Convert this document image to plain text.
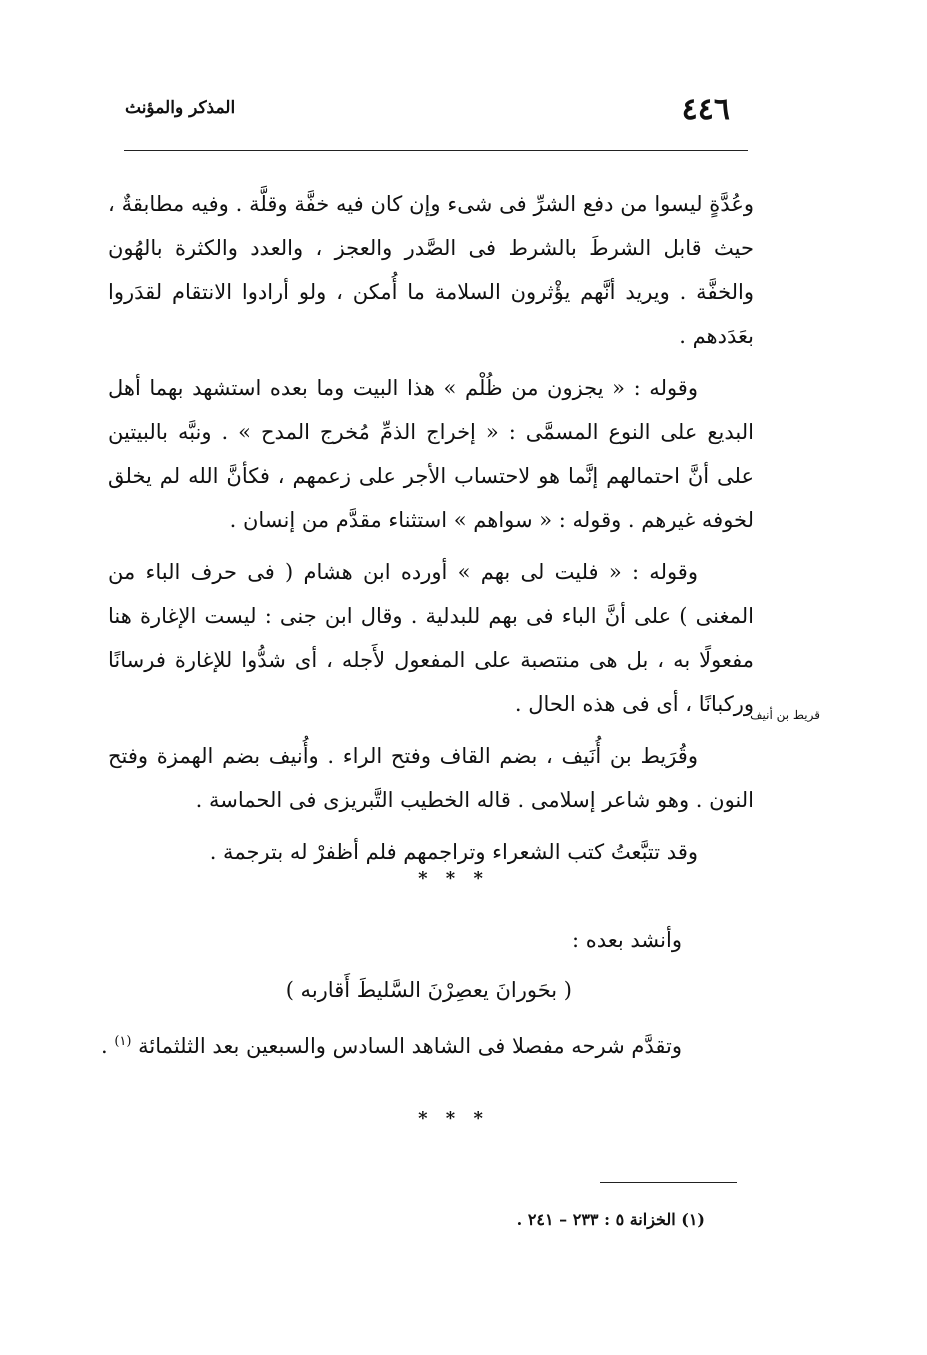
٤٤٦
المذكر والمؤنث

وعُدَّةٍ ليسوا من دفع الشرِّ فى شىء وإن كان فيه خفَّة وقلَّة . وفيه مطابقةٌ ، حيث قابل الشرطَ بالشرط فى الصَّدر والعجز ، والعدد والكثرة بالهُون والخفَّة . ويريد أنَّهم يؤْثرون السلامة ما أُمكن ، ولو أرادوا الانتقام لقدَروا بعَدَدهم .

وقوله : « يجزون من ظُلْم » هذا البيت وما بعده استشهد بهما أهل البديع على النوع المسمَّى : « إخراج الذمِّ مُخرج المدح » . ونبَّه بالبيتين على أنَّ احتمالهم إنَّما هو لاحتساب الأجر على زعمهم ، فكأنَّ الله لم يخلق لخوفه غيرهم . وقوله : « سواهم » استثناء مقدَّم من إنسان .

وقوله : « فليت لى بهم » أورده ابن هشام ( فى حرف الباء من المغنى ) على أنَّ الباء فى بهم للبدلية . وقال ابن جنى : ليست الإغارة هنا مفعولًا به ، بل هى منتصبة على المفعول لأَجله ، أى شدُّوا للإغارة فرسانًا وركبانًا ، أى فى هذه الحال .

وقُرَيط بن أُنَيف ، بضم القاف وفتح الراء . وأُنيف بضم الهمزة وفتح النون . وهو شاعر إسلامى . قاله الخطيب التَّبريزى فى الحماسة .

وقد تتبَّعتُ كتب الشعراء وتراجمهم فلم أظفرْ له بترجمة .

قريط بن أنيف
* * *
وأنشد بعده :
( بحَورانَ يعصِرْنَ السَّليطَ أَقاربه )
وتقدَّم شرحه مفصلا فى الشاهد السادس والسبعين بعد الثلثمائة $^{(١)}$ .
* * *
(١) الخزانة ٥ : ٢٣٣ – ٢٤١ .
